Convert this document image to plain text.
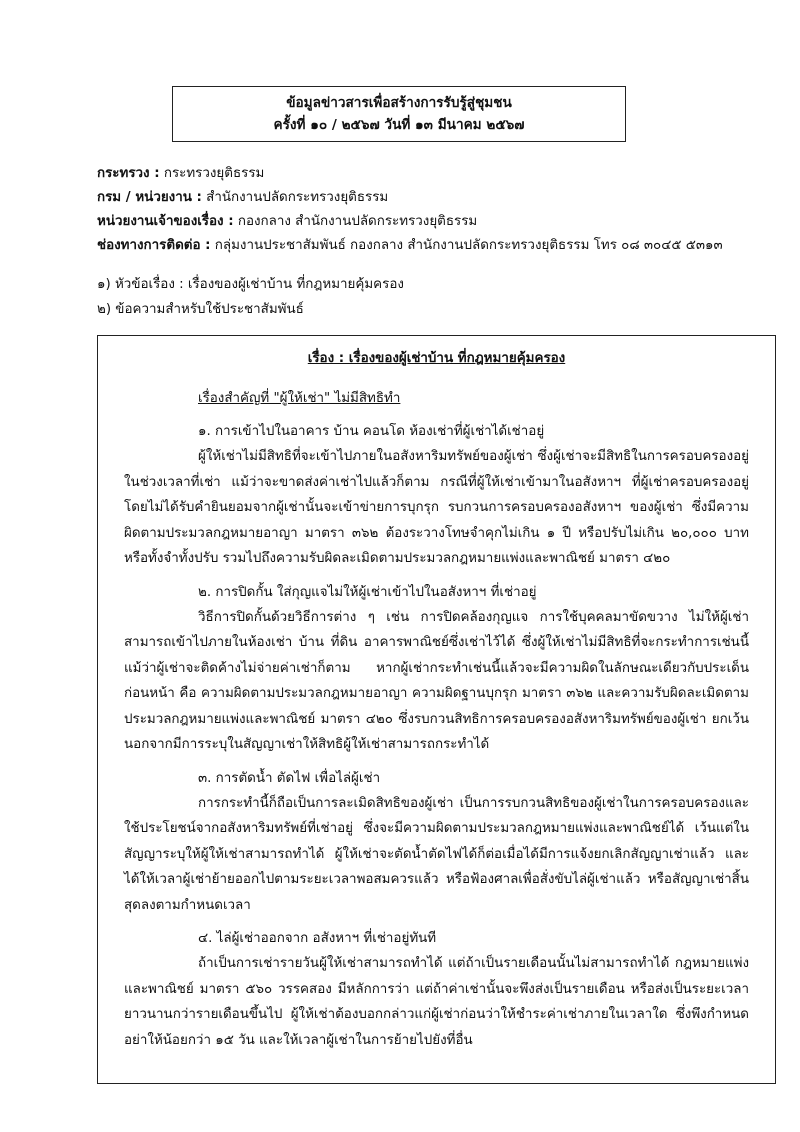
ข้อมูลข่าวสารเพื่อสร้างการรับรู้สู่ชุมชน
ครั้งที่ ๑๐ / ๒๕๖๗ วันที่ ๑๓ มีนาคม ๒๕๖๗
กระทรวง : กระทรวงยุติธรรม
กรม / หน่วยงาน : สำนักงานปลัดกระทรวงยุติธรรม
หน่วยงานเจ้าของเรื่อง : กองกลาง สำนักงานปลัดกระทรวงยุติธรรม
ช่องทางการติดต่อ : กลุ่มงานประชาสัมพันธ์ กองกลาง สำนักงานปลัดกระทรวงยุติธรรม โทร ๐๘ ๓๐๔๕ ๕๓๑๓
๑) หัวข้อเรื่อง : เรื่องของผู้เช่าบ้าน ที่กฎหมายคุ้มครอง
๒) ข้อความสำหรับใช้ประชาสัมพันธ์
เรื่อง : เรื่องของผู้เช่าบ้าน ที่กฎหมายคุ้มครอง
เรื่องสำคัญที่ "ผู้ให้เช่า" ไม่มีสิทธิทำ
๑. การเข้าไปในอาคาร บ้าน คอนโด ห้องเช่าที่ผู้เช่าได้เช่าอยู่
ผู้ให้เช่าไม่มีสิทธิที่จะเข้าไปภายในอสังหาริมทรัพย์ของผู้เช่า ซึ่งผู้เช่าจะมีสิทธิในการครอบครองอยู่ในช่วงเวลาที่เช่า แม้ว่าจะขาดส่งค่าเช่าไปแล้วก็ตาม กรณีที่ผู้ให้เช่าเข้ามาในอสังหาฯ ที่ผู้เช่าครอบครองอยู่โดยไม่ได้รับคำยินยอมจากผู้เช่านั้นจะเข้าข่ายการบุกรุก รบกวนการครอบครองอสังหาฯ ของผู้เช่า ซึ่งมีความผิดตามประมวลกฎหมายอาญา มาตรา ๓๖๒ ต้องระวางโทษจำคุกไม่เกิน ๑ ปี หรือปรับไม่เกิน ๒๐,๐๐๐ บาท หรือทั้งจำทั้งปรับ รวมไปถึงความรับผิดละเมิดตามประมวลกฎหมายแพ่งและพาณิชย์ มาตรา ๔๒๐
๒. การปิดกั้น ใส่กุญแจไม่ให้ผู้เช่าเข้าไปในอสังหาฯ ที่เช่าอยู่
วิธีการปิดกั้นด้วยวิธีการต่าง ๆ เช่น การปิดคล้องกุญแจ การใช้บุคคลมาขัดขวาง ไม่ให้ผู้เช่าสามารถเข้าไปภายในห้องเช่า บ้าน ที่ดิน อาคารพาณิชย์ซึ่งเช่าไว้ได้ ซึ่งผู้ให้เช่าไม่มีสิทธิที่จะกระทำการเช่นนี้ แม้ว่าผู้เช่าจะติดค้างไม่จ่ายค่าเช่าก็ตาม หากผู้เช่ากระทำเช่นนี้แล้วจะมีความผิดในลักษณะเดียวกับประเด็นก่อนหน้า คือ ความผิดตามประมวลกฎหมายอาญา ความผิดฐานบุกรุก มาตรา ๓๖๒ และความรับผิดละเมิดตามประมวลกฎหมายแพ่งและพาณิชย์ มาตรา ๔๒๐ ซึ่งรบกวนสิทธิการครอบครองอสังหาริมทรัพย์ของผู้เช่า ยกเว้นนอกจากมีการระบุในสัญญาเช่าให้สิทธิผู้ให้เช่าสามารถกระทำได้
๓. การตัดน้ำ ตัดไฟ เพื่อไล่ผู้เช่า
การกระทำนี้ก็ถือเป็นการละเมิดสิทธิของผู้เช่า เป็นการรบกวนสิทธิของผู้เช่าในการครอบครองและใช้ประโยชน์จากอสังหาริมทรัพย์ที่เช่าอยู่ ซึ่งจะมีความผิดตามประมวลกฎหมายแพ่งและพาณิชย์ได้ เว้นแต่ในสัญญาระบุให้ผู้ให้เช่าสามารถทำได้ ผู้ให้เช่าจะตัดน้ำตัดไฟได้ก็ต่อเมื่อได้มีการแจ้งยกเลิกสัญญาเช่าแล้ว และได้ให้เวลาผู้เช่าย้ายออกไปตามระยะเวลาพอสมควรแล้ว หรือฟ้องศาลเพื่อสั่งขับไล่ผู้เช่าแล้ว หรือสัญญาเช่าสิ้นสุดลงตามกำหนดเวลา
๔. ไล่ผู้เช่าออกจาก อสังหาฯ ที่เช่าอยู่ทันที
ถ้าเป็นการเช่ารายวันผู้ให้เช่าสามารถทำได้ แต่ถ้าเป็นรายเดือนนั้นไม่สามารถทำได้ กฎหมายแพ่งและพาณิชย์ มาตรา ๕๖๐ วรรคสอง มีหลักการว่า แต่ถ้าค่าเช่านั้นจะพึงส่งเป็นรายเดือน หรือส่งเป็นระยะเวลายาวนานกว่ารายเดือนขึ้นไป ผู้ให้เช่าต้องบอกกล่าวแก่ผู้เช่าก่อนว่าให้ชำระค่าเช่าภายในเวลาใด ซึ่งพึงกำหนดอย่าให้น้อยกว่า ๑๕ วัน และให้เวลาผู้เช่าในการย้ายไปยังที่อื่น
